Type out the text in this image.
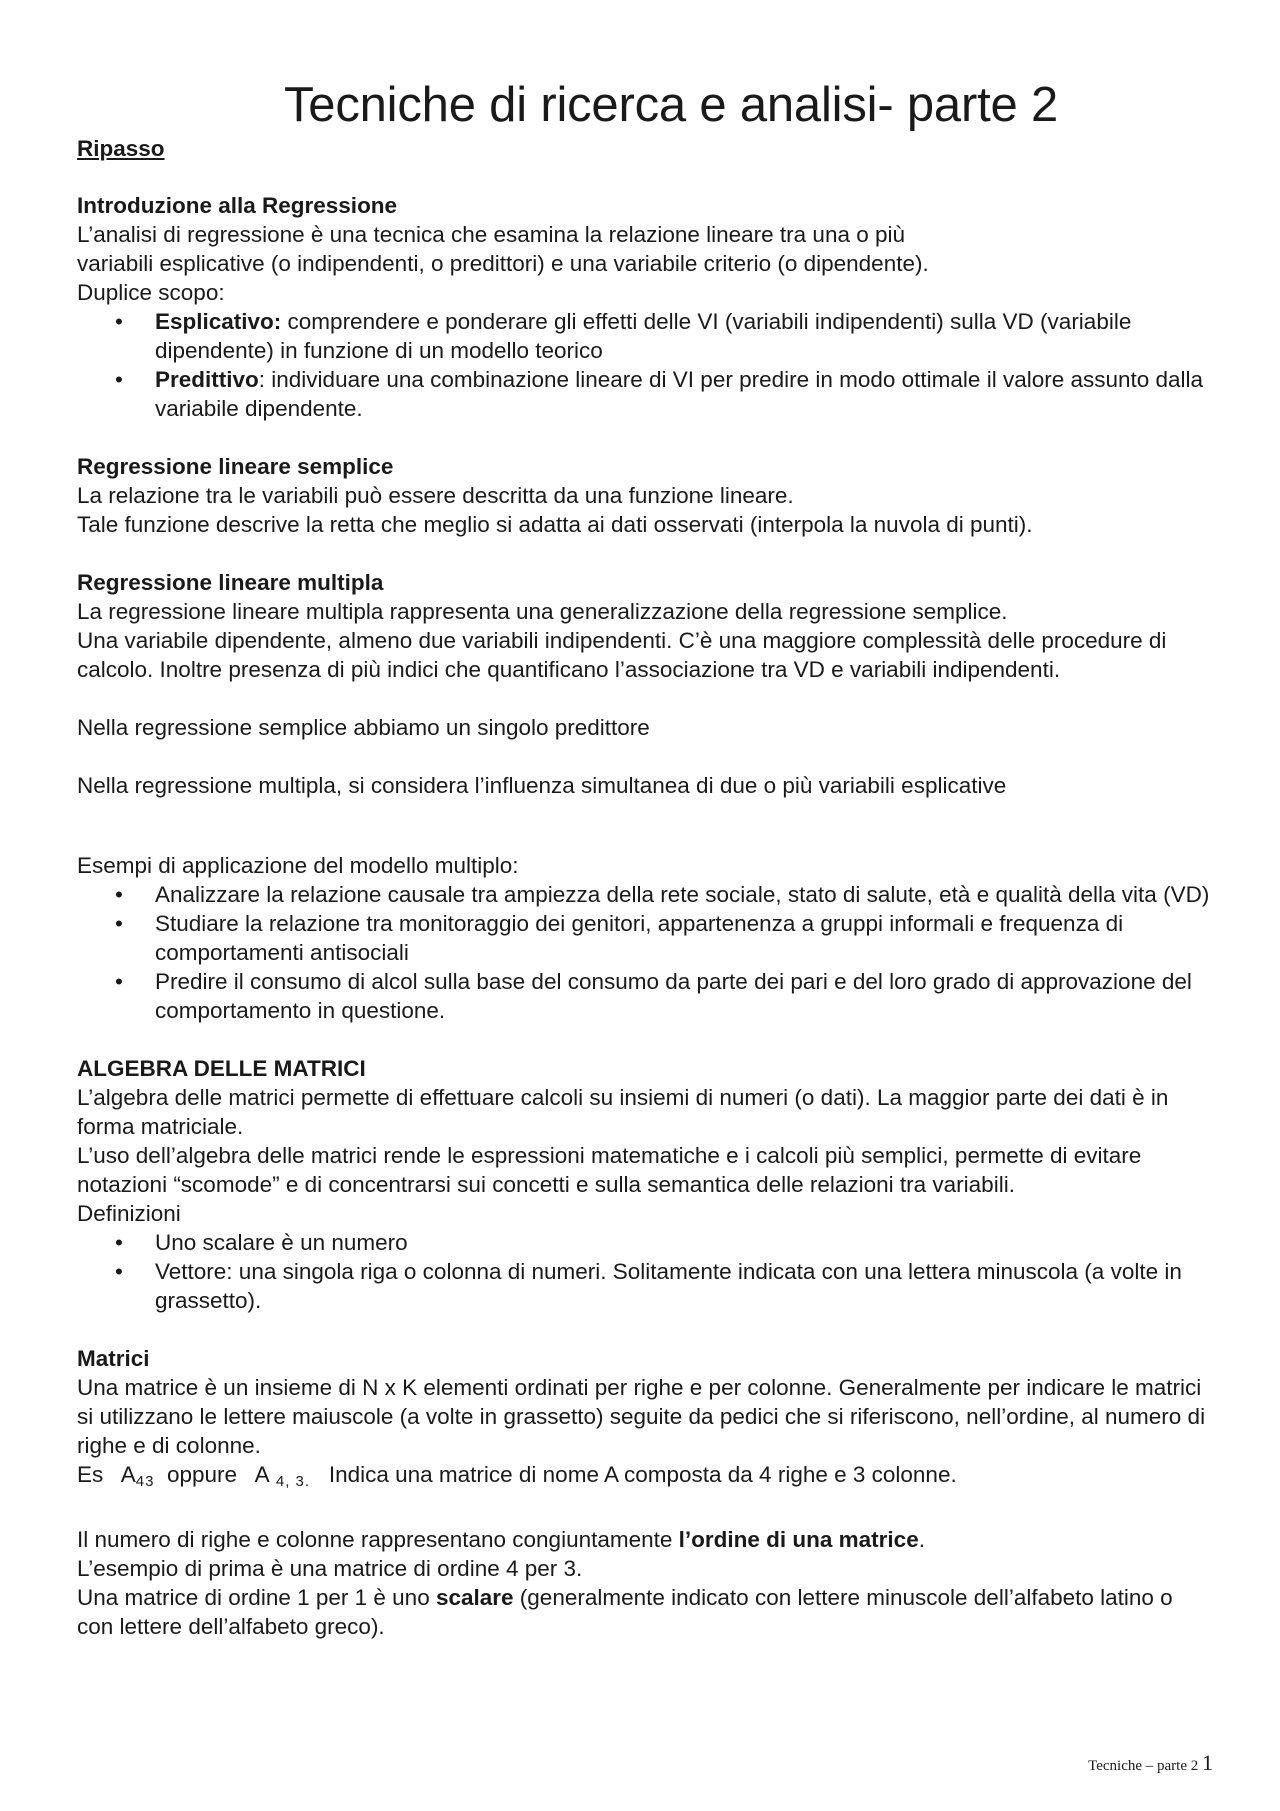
Tecniche di ricerca e analisi- parte 2
Ripasso

Introduzione alla Regressione

L’analisi di regressione è una tecnica che esamina la relazione lineare tra una o più

variabili esplicative (o indipendenti, o predittori) e una variabile criterio (o dipendente).

Duplice scopo:

• Esplicativo: comprendere e ponderare gli effetti delle VI (variabili indipendenti) sulla VD (variabile dipendente) in funzione di un modello teorico
• Predittivo: individuare una combinazione lineare di VI per predire in modo ottimale il valore assunto dalla variabile dipendente.

Regressione lineare semplice

La relazione tra le variabili può essere descritta da una funzione lineare.

Tale funzione descrive la retta che meglio si adatta ai dati osservati (interpola la nuvola di punti).

Regressione lineare multipla

La regressione lineare multipla rappresenta una generalizzazione della regressione semplice.

Una variabile dipendente, almeno due variabili indipendenti. C’è una maggiore complessità delle procedure di calcolo. Inoltre presenza di più indici che quantificano l’associazione tra VD e variabili indipendenti.

Nella regressione semplice abbiamo un singolo predittore

Nella regressione multipla, si considera l’influenza simultanea di due o più variabili esplicative

Esempi di applicazione del modello multiplo:

• Analizzare la relazione causale tra ampiezza della rete sociale, stato di salute, età e qualità della vita (VD)
• Studiare la relazione tra monitoraggio dei genitori, appartenenza a gruppi informali e frequenza di comportamenti antisociali
• Predire il consumo di alcol sulla base del consumo da parte dei pari e del loro grado di approvazione del comportamento in questione.

ALGEBRA DELLE MATRICI

L’algebra delle matrici permette di effettuare calcoli su insiemi di numeri (o dati). La maggior parte dei dati è in forma matriciale.

L’uso dell’algebra delle matrici rende le espressioni matematiche e i calcoli più semplici, permette di evitare notazioni “scomode” e di concentrarsi sui concetti e sulla semantica delle relazioni tra variabili.

Definizioni

• Uno scalare è un numero
• Vettore: una singola riga o colonna di numeri. Solitamente indicata con una lettera minuscola (a volte in grassetto).

Matrici

Una matrice è un insieme di N x K elementi ordinati per righe e per colonne. Generalmente per indicare le matrici si utilizzano le lettere maiuscole (a volte in grassetto) seguite da pedici che si riferiscono, nell’ordine, al numero di righe e di colonne.

Es $A_{43}$ oppure A $_{4, 3.}$ Indica una matrice di nome A composta da 4 righe e 3 colonne.

Il numero di righe e colonne rappresentano congiuntamente l’ordine di una matrice.

L’esempio di prima è una matrice di ordine 4 per 3.

Una matrice di ordine 1 per 1 è uno scalare (generalmente indicato con lettere minuscole dell’alfabeto latino o con lettere dell’alfabeto greco).

Tecniche – parte 2 1
